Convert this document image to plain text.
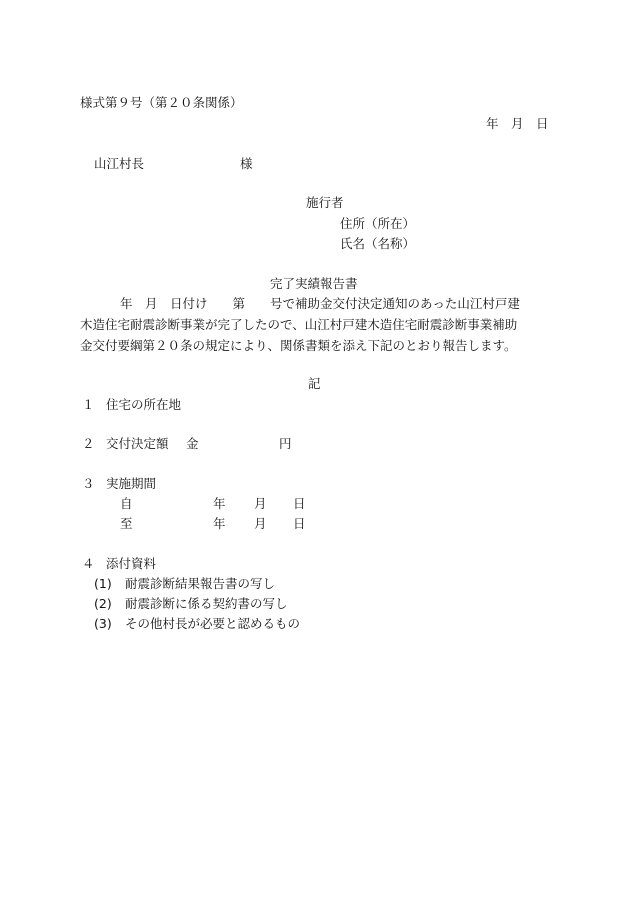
様式第９号（第２０条関係）
年　月　日
山江村長	様
施行者
住所（所在）
氏名（名称）
完了実績報告書
年　月　日付け　　第　　号で補助金交付決定通知のあった山江村戸建
木造住宅耐震診断事業が完了したので、山江村戸建木造住宅耐震診断事業補助
金交付要綱第２０条の規定により、関係書類を添え下記のとおり報告します。
記
１ 住宅の所在地
２ 交付決定額 金	円
３ 実施期間
自	年 月 日
至	年 月 日
４ 添付資料
(1) 耐震診断結果報告書の写し
(2) 耐震診断に係る契約書の写し
(3) その他村長が必要と認めるもの
